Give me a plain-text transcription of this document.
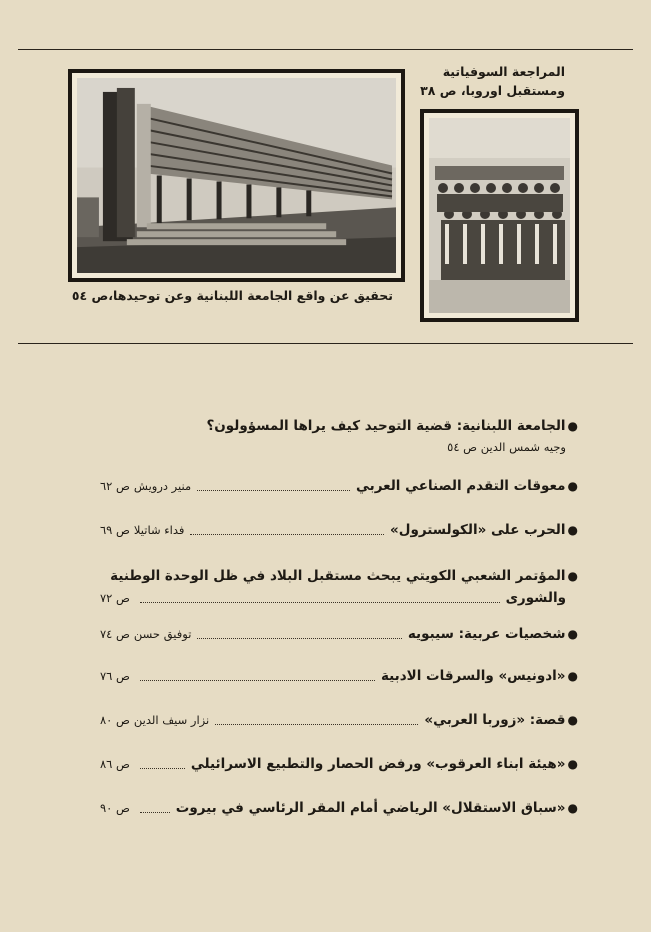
المراجعة السوفياتية
ومستقبل اوروبا، ص ٣٨
تحقيق عن واقع الجامعة اللبنانية وعن توحيدها،ص ٥٤
●
الجامعة اللبنانية: قضية التوحيد كيف يراها المسؤولون؟
وجيه شمس الدين ص ٥٤
●
معوقات التقدم الصناعي العربي
منير درويش
ص ٦٢
●
الحرب على «الكولسترول»
فداء شاتيلا
ص ٦٩
●
المؤتمر الشعبي الكويتي يبحث مستقبل البلاد في ظل الوحدة الوطنية
والشورى
ص ٧٢
●
شخصيات عربية: سيبويه
توفيق حسن
ص ٧٤
●
«ادونيس» والسرقات الادبية
ص ٧٦
●
قصة: «زوربا العربي»
نزار سيف الدين
ص ٨٠
●
«هيئة ابناء العرقوب» ورفض الحصار والتطبيع الاسرائيلي
ص ٨٦
●
«سباق الاستقلال» الرياضي أمام المقر الرئاسي في بيروت
ص ٩٠
